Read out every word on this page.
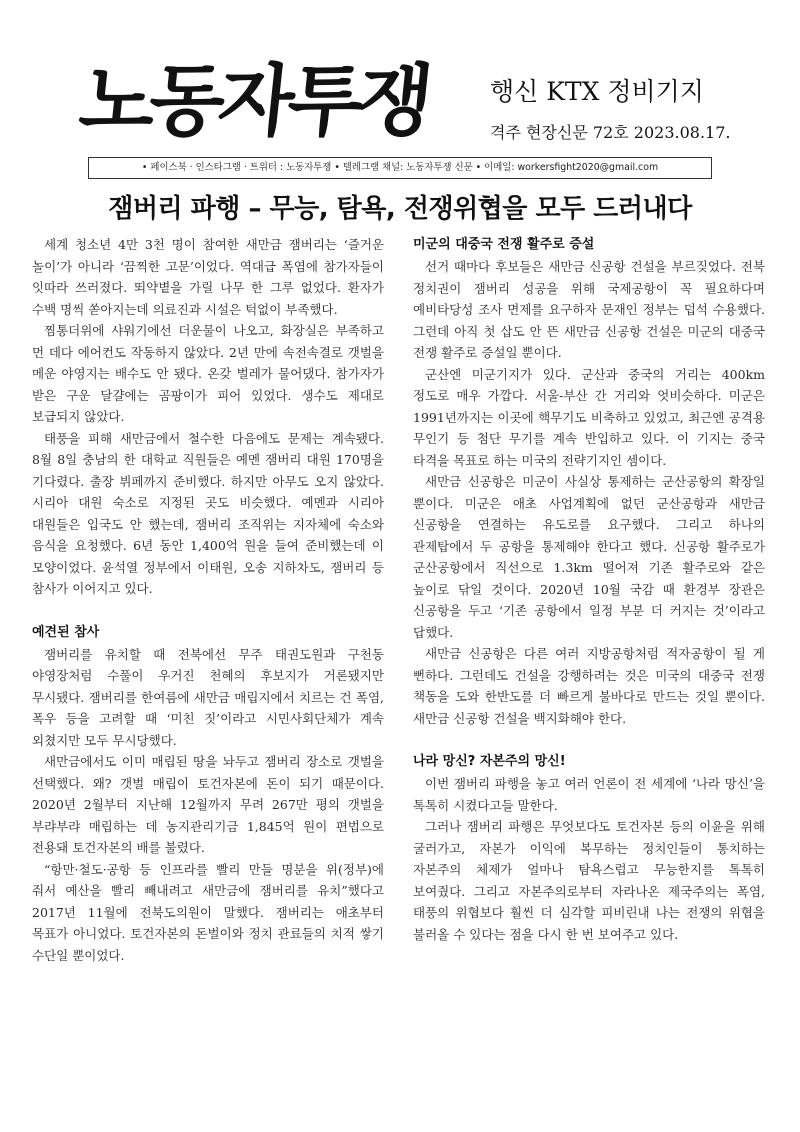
노동자투쟁 행신 KTX 정비기지
격주 현장신문 72호 2023.08.17.
• 페이스북 · 인스타그램 · 트위터 : 노동자투쟁 • 텔레그램 채널: 노동자투쟁 신문 • 이메일: workersfight2020@gmail.com
잼버리 파행 – 무능, 탐욕, 전쟁위협을 모두 드러내다

세계 청소년 4만 3천 명이 참여한 새만금 잼버리는 ‘즐거운 놀이’가 아니라 ‘끔찍한 고문’이었다. 역대급 폭염에 참가자들이 잇따라 쓰러졌다. 뙤약볕을 가릴 나무 한 그루 없었다. 환자가 수백 명씩 쏟아지는데 의료진과 시설은 턱없이 부족했다.

찜통더위에 샤워기에선 더운물이 나오고, 화장실은 부족하고 먼 데다 에어컨도 작동하지 않았다. 2년 만에 속전속결로 갯벌을 메운 야영지는 배수도 안 됐다. 온갖 벌레가 물어댔다. 참가자가 받은 구운 달걀에는 곰팡이가 피어 있었다. 생수도 제대로 보급되지 않았다.

태풍을 피해 새만금에서 철수한 다음에도 문제는 계속됐다. 8월 8일 충남의 한 대학교 직원들은 예멘 잼버리 대원 170명을 기다렸다. 출장 뷔페까지 준비했다. 하지만 아무도 오지 않았다. 시리아 대원 숙소로 지정된 곳도 비슷했다. 예멘과 시리아 대원들은 입국도 안 했는데, 잼버리 조직위는 지자체에 숙소와 음식을 요청했다. 6년 동안 1,400억 원을 들여 준비했는데 이 모양이었다. 윤석열 정부에서 이태원, 오송 지하차도, 잼버리 등 참사가 이어지고 있다.

예견된 참사

잼버리를 유치할 때 전북에선 무주 태권도원과 구천동 야영장처럼 수풀이 우거진 천혜의 후보지가 거론됐지만 무시됐다. 잼버리를 한여름에 새만금 매립지에서 치르는 건 폭염, 폭우 등을 고려할 때 ‘미친 짓’이라고 시민사회단체가 계속 외쳤지만 모두 무시당했다.

새만금에서도 이미 매립된 땅을 놔두고 잼버리 장소로 갯벌을 선택했다. 왜? 갯벌 매립이 토건자본에 돈이 되기 때문이다. 2020년 2월부터 지난해 12월까지 무려 267만 평의 갯벌을 부랴부랴 매립하는 데 농지관리기금 1,845억 원이 편법으로 전용돼 토건자본의 배를 불렸다.

“항만·철도·공항 등 인프라를 빨리 만들 명분을 위(정부)에 줘서 예산을 빨리 빼내려고 새만금에 잼버리를 유치”했다고 2017년 11월에 전북도의원이 말했다. 잼버리는 애초부터 목표가 아니었다. 토건자본의 돈벌이와 정치 관료들의 치적 쌓기 수단일 뿐이었다.

미군의 대중국 전쟁 활주로 증설

선거 때마다 후보들은 새만금 신공항 건설을 부르짖었다. 전북 정치권이 잼버리 성공을 위해 국제공항이 꼭 필요하다며 예비타당성 조사 면제를 요구하자 문재인 정부는 덥석 수용했다. 그런데 아직 첫 삽도 안 뜬 새만금 신공항 건설은 미군의 대중국 전쟁 활주로 증설일 뿐이다.

군산엔 미군기지가 있다. 군산과 중국의 거리는 400km 정도로 매우 가깝다. 서울-부산 간 거리와 엇비슷하다. 미군은 1991년까지는 이곳에 핵무기도 비축하고 있었고, 최근엔 공격용 무인기 등 첨단 무기를 계속 반입하고 있다. 이 기지는 중국 타격을 목표로 하는 미국의 전략기지인 셈이다.

새만금 신공항은 미군이 사실상 통제하는 군산공항의 확장일 뿐이다. 미군은 애초 사업계획에 없던 군산공항과 새만금 신공항을 연결하는 유도로를 요구했다. 그리고 하나의 관제탑에서 두 공항을 통제해야 한다고 했다. 신공항 활주로가 군산공항에서 직선으로 1.3km 떨어져 기존 활주로와 같은 높이로 닦일 것이다. 2020년 10월 국감 때 환경부 장관은 신공항을 두고 ‘기존 공항에서 일정 부분 더 커지는 것’이라고 답했다.

새만금 신공항은 다른 여러 지방공항처럼 적자공항이 될 게 뻔하다. 그런데도 건설을 강행하려는 것은 미국의 대중국 전쟁 책동을 도와 한반도를 더 빠르게 불바다로 만드는 것일 뿐이다. 새만금 신공항 건설을 백지화해야 한다.

나라 망신? 자본주의 망신!

이번 잼버리 파행을 놓고 여러 언론이 전 세계에 ‘나라 망신’을 톡톡히 시켰다고들 말한다.

그러나 잼버리 파행은 무엇보다도 토건자본 등의 이윤을 위해 굴러가고, 자본가 이익에 복무하는 정치인들이 통치하는 자본주의 체제가 얼마나 탐욕스럽고 무능한지를 톡톡히 보여줬다. 그리고 자본주의로부터 자라나온 제국주의는 폭염, 태풍의 위협보다 훨씬 더 심각할 피비린내 나는 전쟁의 위협을 불러올 수 있다는 점을 다시 한 번 보여주고 있다.
